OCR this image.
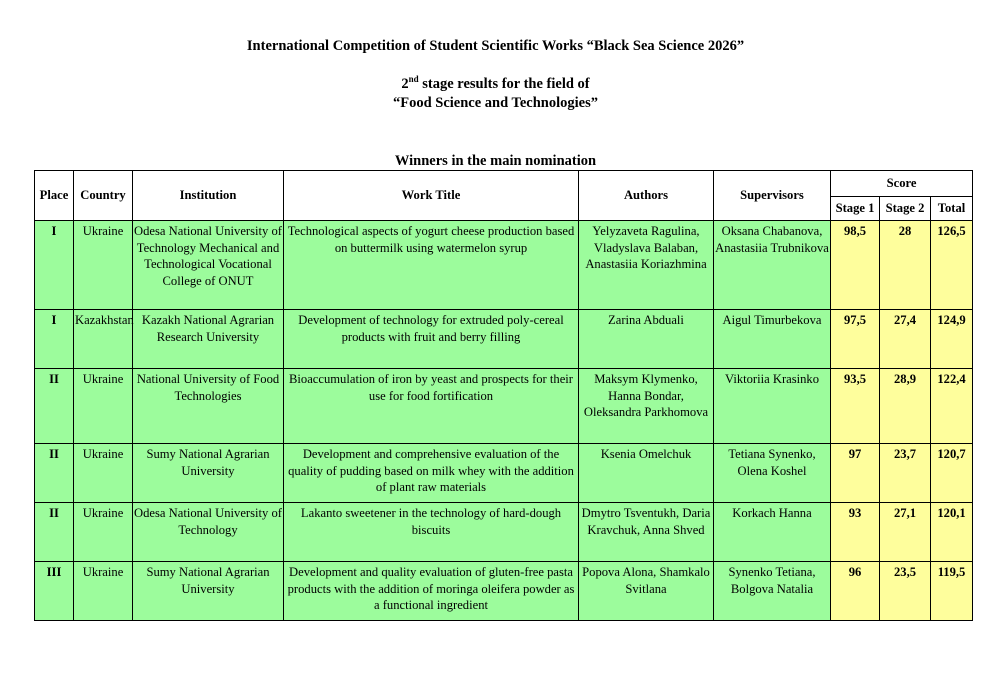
International Competition of Student Scientific Works “Black Sea Science 2026”
2nd stage results for the field of
“Food Science and Technologies”
Winners in the main nomination
Place	Country	Institution	Work Title	Authors	Supervisors	Score		
						Stage 1	Stage 2	Total
I	Ukraine	Odesa National University of Technology Mechanical and Technological Vocational College of ONUT	Technological aspects of yogurt cheese production based on buttermilk using watermelon syrup	Yelyzaveta Ragulina, Vladyslava Balaban, Anastasiia Koriazhmina	Oksana Chabanova, Anastasiia Trubnikova	98,5	28	126,5
I	Kazakhstan	Kazakh National Agrarian Research University	Development of technology for extruded poly-cereal products with fruit and berry filling	Zarina Abduali	Aigul Timurbekova	97,5	27,4	124,9
II	Ukraine	National University of Food Technologies	Bioaccumulation of iron by yeast and prospects for their use for food fortification	Maksym Klymenko, Hanna Bondar, Oleksandra Parkhomova	Viktoriia Krasinko	93,5	28,9	122,4
II	Ukraine	Sumy National Agrarian University	Development and comprehensive evaluation of the quality of pudding based on milk whey with the addition of plant raw materials	Ksenia Omelchuk	Tetiana Synenko, Olena Koshel	97	23,7	120,7
II	Ukraine	Odesa National University of Technology	Lakanto sweetener in the technology of hard-dough biscuits	Dmytro Tsventukh, Daria Kravchuk, Anna Shved	Korkach Hanna	93	27,1	120,1
III	Ukraine	Sumy National Agrarian University	Development and quality evaluation of gluten-free pasta products with the addition of moringa oleifera powder as a functional ingredient	Popova Alona, Shamkalo Svitlana	Synenko Tetiana, Bolgova Natalia	96	23,5	119,5
